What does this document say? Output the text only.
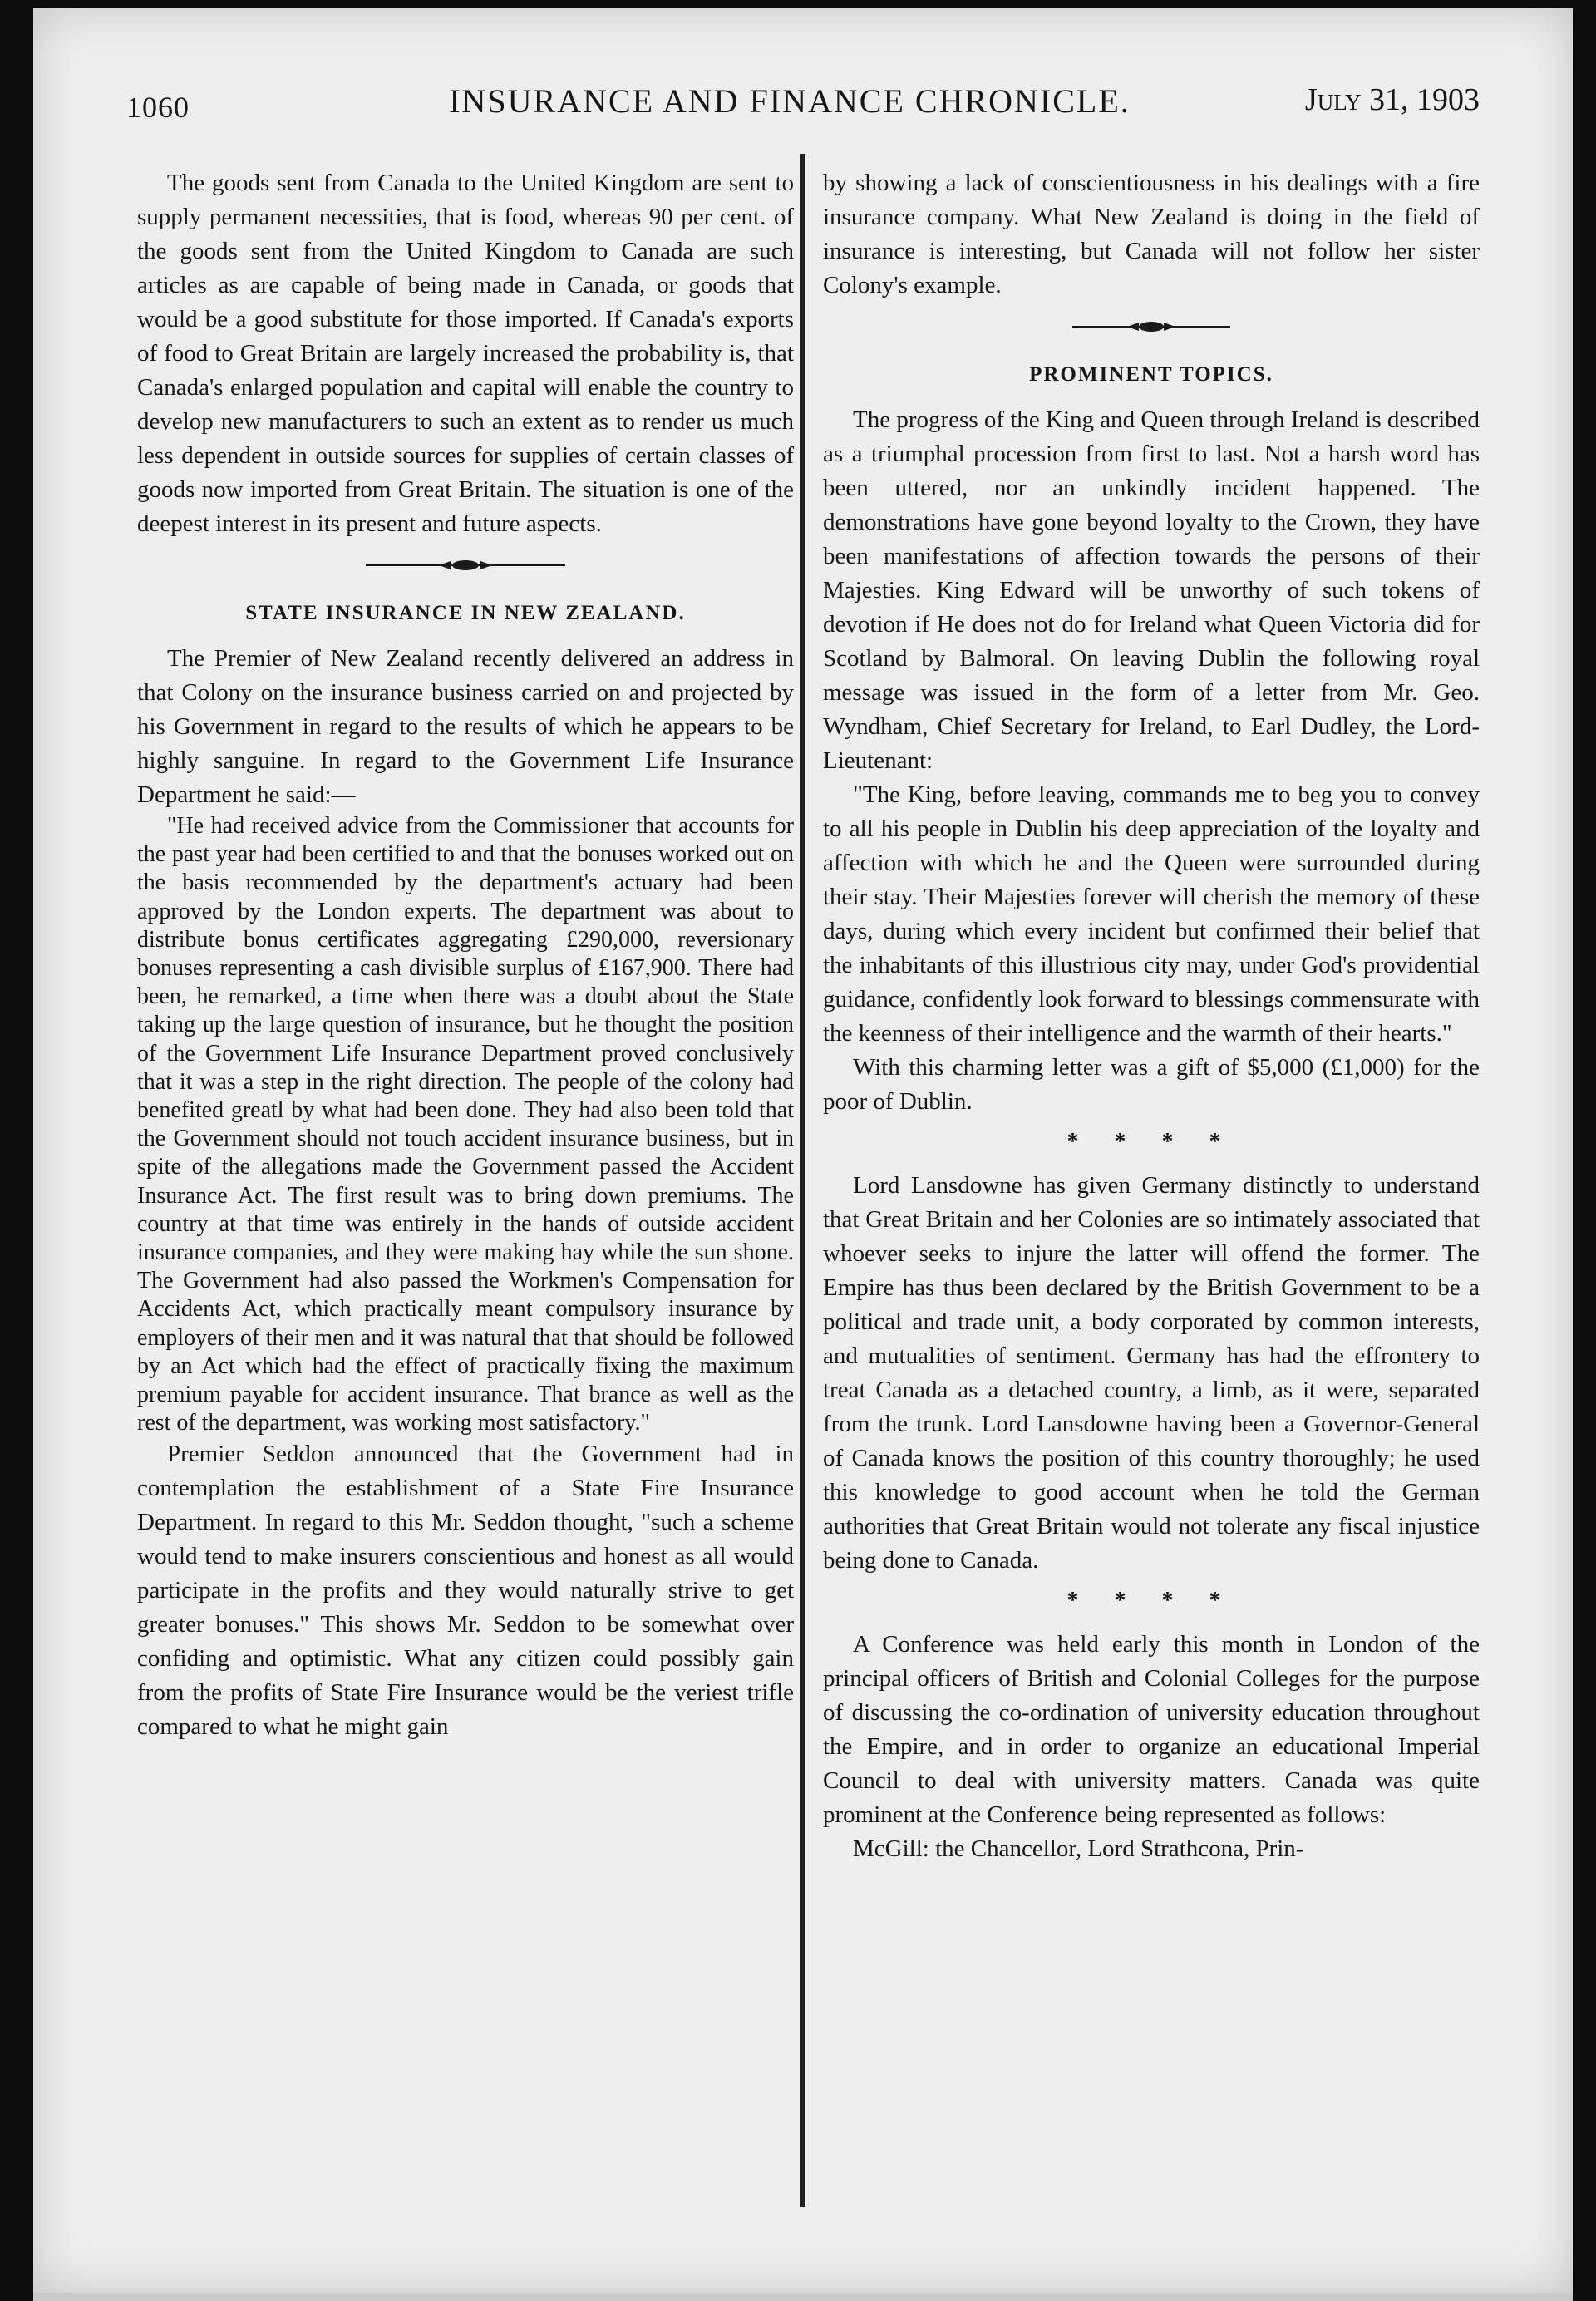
1060	INSURANCE AND FINANCE CHRONICLE.	July 31, 1903

The goods sent from Canada to the United Kingdom are sent to supply permanent necessities, that is food, whereas 90 per cent. of the goods sent from the United Kingdom to Canada are such articles as are capable of being made in Canada, or goods that would be a good substitute for those imported. If Canada's exports of food to Great Britain are largely increased the probability is, that Canada's enlarged population and capital will enable the country to develop new manufacturers to such an extent as to render us much less dependent in outside sources for supplies of certain classes of goods now imported from Great Britain. The situation is one of the deepest interest in its present and future aspects.

STATE INSURANCE IN NEW ZEALAND.

The Premier of New Zealand recently delivered an address in that Colony on the insurance business carried on and projected by his Government in regard to the results of which he appears to be highly sanguine. In regard to the Government Life Insurance Department he said:—

"He had received advice from the Commissioner that accounts for the past year had been certified to and that the bonuses worked out on the basis recommended by the department's actuary had been approved by the London experts. The department was about to distribute bonus certificates aggregating £290,000, reversionary bonuses representing a cash divisible surplus of £167,900. There had been, he remarked, a time when there was a doubt about the State taking up the large question of insurance, but he thought the position of the Government Life Insurance Department proved conclusively that it was a step in the right direction. The people of the colony had benefited greatl by what had been done. They had also been told that the Government should not touch accident insurance business, but in spite of the allegations made the Government passed the Accident Insurance Act. The first result was to bring down premiums. The country at that time was entirely in the hands of outside accident insurance companies, and they were making hay while the sun shone. The Government had also passed the Workmen's Compensation for Accidents Act, which practically meant compulsory insurance by employers of their men and it was natural that that should be followed by an Act which had the effect of practically fixing the maximum premium payable for accident insurance. That brance as well as the rest of the department, was working most satisfactory."

Premier Seddon announced that the Government had in contemplation the establishment of a State Fire Insurance Department. In regard to this Mr. Seddon thought, "such a scheme would tend to make insurers conscientious and honest as all would participate in the profits and they would naturally strive to get greater bonuses." This shows Mr. Seddon to be somewhat over confiding and optimistic. What any citizen could possibly gain from the profits of State Fire Insurance would be the veriest trifle compared to what he might gain

by showing a lack of conscientiousness in his dealings with a fire insurance company. What New Zealand is doing in the field of insurance is interesting, but Canada will not follow her sister Colony's example.

PROMINENT TOPICS.

The progress of the King and Queen through Ireland is described as a triumphal procession from first to last. Not a harsh word has been uttered, nor an unkindly incident happened. The demonstrations have gone beyond loyalty to the Crown, they have been manifestations of affection towards the persons of their Majesties. King Edward will be unworthy of such tokens of devotion if He does not do for Ireland what Queen Victoria did for Scotland by Balmoral. On leaving Dublin the following royal message was issued in the form of a letter from Mr. Geo. Wyndham, Chief Secretary for Ireland, to Earl Dudley, the Lord-Lieutenant:

"The King, before leaving, commands me to beg you to convey to all his people in Dublin his deep appreciation of the loyalty and affection with which he and the Queen were surrounded during their stay. Their Majesties forever will cherish the memory of these days, during which every incident but confirmed their belief that the inhabitants of this illustrious city may, under God's providential guidance, confidently look forward to blessings commensurate with the keenness of their intelligence and the warmth of their hearts."

With this charming letter was a gift of $5,000 (£1,000) for the poor of Dublin.

* * * *

Lord Lansdowne has given Germany distinctly to understand that Great Britain and her Colonies are so intimately associated that whoever seeks to injure the latter will offend the former. The Empire has thus been declared by the British Government to be a political and trade unit, a body corporated by common interests, and mutualities of sentiment. Germany has had the effrontery to treat Canada as a detached country, a limb, as it were, separated from the trunk. Lord Lansdowne having been a Governor-General of Canada knows the position of this country thoroughly; he used this knowledge to good account when he told the German authorities that Great Britain would not tolerate any fiscal injustice being done to Canada.

* * * *

A Conference was held early this month in London of the principal officers of British and Colonial Colleges for the purpose of discussing the co-ordination of university education throughout the Empire, and in order to organize an educational Imperial Council to deal with university matters. Canada was quite prominent at the Conference being represented as follows:

McGill: the Chancellor, Lord Strathcona, Prin-
